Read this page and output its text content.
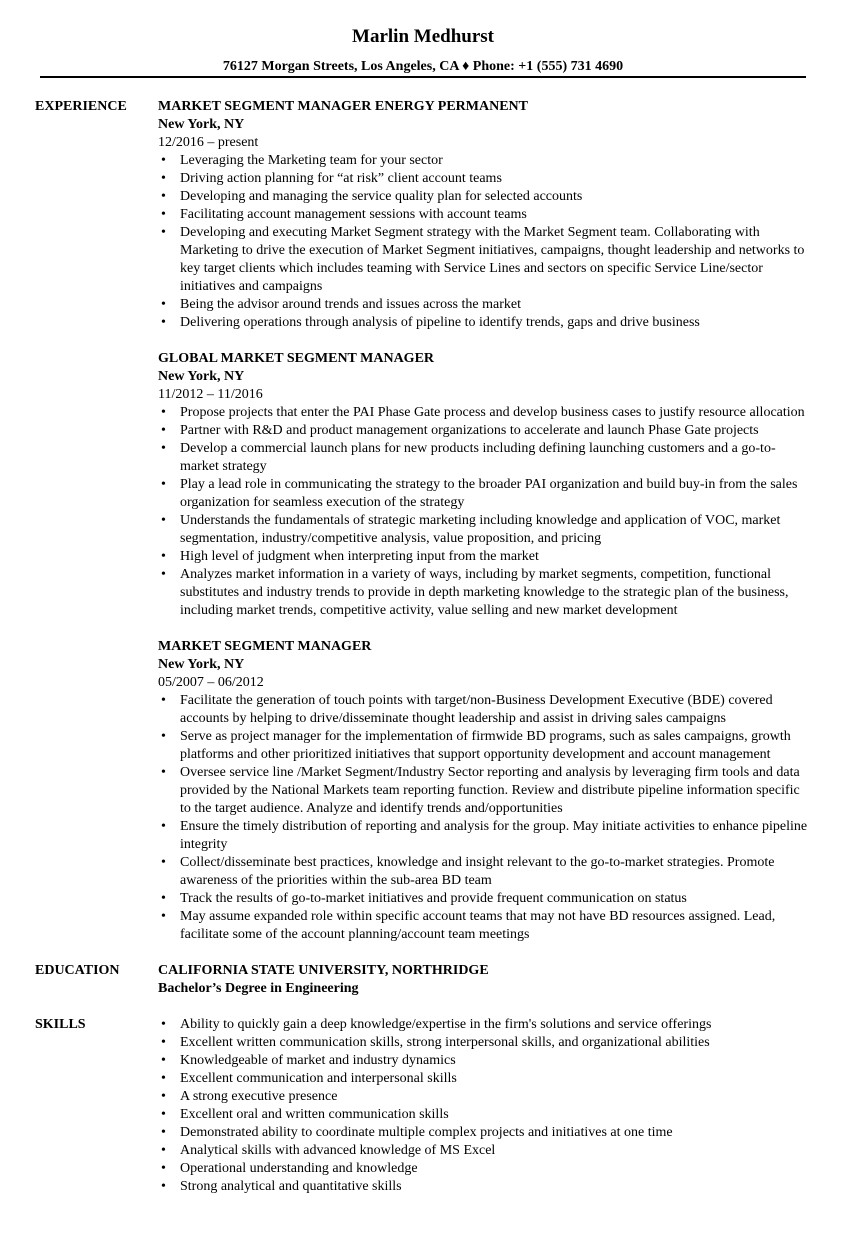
Marlin Medhurst
76127 Morgan Streets, Los Angeles, CA ♦ Phone: +1 (555) 731 4690
EXPERIENCE MARKET SEGMENT MANAGER ENERGY PERMANENT
New York, NY
12/2016 – present
• Leveraging the Marketing team for your sector
• Driving action planning for “at risk” client account teams
• Developing and managing the service quality plan for selected accounts
• Facilitating account management sessions with account teams
• Developing and executing Market Segment strategy with the Market Segment team. Collaborating with Marketing to drive the execution of Market Segment initiatives, campaigns, thought leadership and networks to key target clients which includes teaming with Service Lines and sectors on specific Service Line/sector initiatives and campaigns
• Being the advisor around trends and issues across the market
• Delivering operations through analysis of pipeline to identify trends, gaps and drive business
GLOBAL MARKET SEGMENT MANAGER
New York, NY
11/2012 – 11/2016
• Propose projects that enter the PAI Phase Gate process and develop business cases to justify resource allocation
• Partner with R&D and product management organizations to accelerate and launch Phase Gate projects
• Develop a commercial launch plans for new products including defining launching customers and a go-to-market strategy
• Play a lead role in communicating the strategy to the broader PAI organization and build buy-in from the sales organization for seamless execution of the strategy
• Understands the fundamentals of strategic marketing including knowledge and application of VOC, market segmentation, industry/competitive analysis, value proposition, and pricing
• High level of judgment when interpreting input from the market
• Analyzes market information in a variety of ways, including by market segments, competition, functional substitutes and industry trends to provide in depth marketing knowledge to the strategic plan of the business, including market trends, competitive activity, value selling and new market development
MARKET SEGMENT MANAGER
New York, NY
05/2007 – 06/2012
• Facilitate the generation of touch points with target/non-Business Development Executive (BDE) covered accounts by helping to drive/disseminate thought leadership and assist in driving sales campaigns
• Serve as project manager for the implementation of firmwide BD programs, such as sales campaigns, growth platforms and other prioritized initiatives that support opportunity development and account management
• Oversee service line /Market Segment/Industry Sector reporting and analysis by leveraging firm tools and data provided by the National Markets team reporting function. Review and distribute pipeline information specific to the target audience. Analyze and identify trends and/opportunities
• Ensure the timely distribution of reporting and analysis for the group. May initiate activities to enhance pipeline integrity
• Collect/disseminate best practices, knowledge and insight relevant to the go-to-market strategies. Promote awareness of the priorities within the sub-area BD team
• Track the results of go-to-market initiatives and provide frequent communication on status
• May assume expanded role within specific account teams that may not have BD resources assigned. Lead, facilitate some of the account planning/account team meetings
EDUCATION	CALIFORNIA STATE UNIVERSITY, NORTHRIDGE
Bachelor’s Degree in Engineering
SKILLS
•	Ability to quickly gain a deep knowledge/expertise in the firm's solutions and service offerings
• Excellent written communication skills, strong interpersonal skills, and organizational abilities
• Knowledgeable of market and industry dynamics
• Excellent communication and interpersonal skills
• A strong executive presence
• Excellent oral and written communication skills
• Demonstrated ability to coordinate multiple complex projects and initiatives at one time
• Analytical skills with advanced knowledge of MS Excel
• Operational understanding and knowledge
• Strong analytical and quantitative skills
